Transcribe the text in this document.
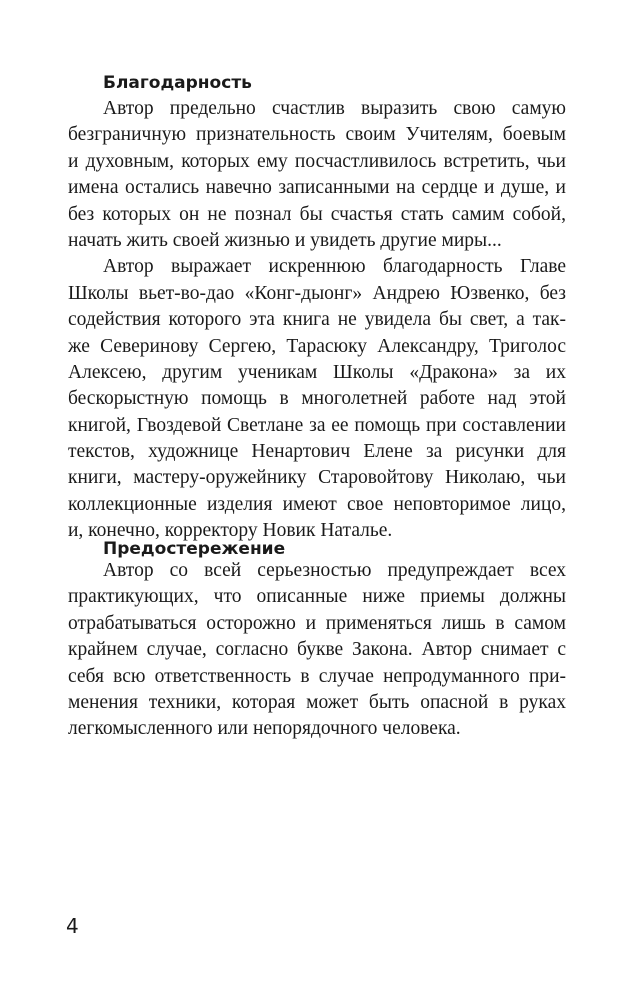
Благодарность
Автор предельно счастлив выразить свою самую
безграничную признательность своим Учителям, боевым
и духовным, которых ему посчастливилось встретить, чьи
имена остались навечно записанными на сердце и душе, и
без которых он не познал бы счастья стать самим собой,
начать жить своей жизнью и увидеть другие миры...
Автор выражает искреннюю благодарность Главе
Школы вьет-во-дао «Конг-дыонг» Андрею Юзвенко, без
содействия которого эта книга не увидела бы свет, а так-
же Северинову Сергею, Тарасюку Александру, Триголос
Алексею, другим ученикам Школы «Дракона» за их
бескорыстную помощь в многолетней работе над этой
книгой, Гвоздевой Светлане за ее помощь при составлении
текстов, художнице Ненартович Елене за рисунки для
книги, мастеру-оружейнику Старовойтову Николаю, чьи
коллекционные изделия имеют свое неповторимое лицо,
и, конечно, корректору Новик Наталье.
Предостережение
Автор со всей серьезностью предупреждает всех
практикующих, что описанные ниже приемы должны
отрабатываться осторожно и применяться лишь в самом
крайнем случае, согласно букве Закона. Автор снимает с
себя всю ответственность в случае непродуманного при-
менения техники, которая может быть опасной в руках
легкомысленного или непорядочного человека.
4
